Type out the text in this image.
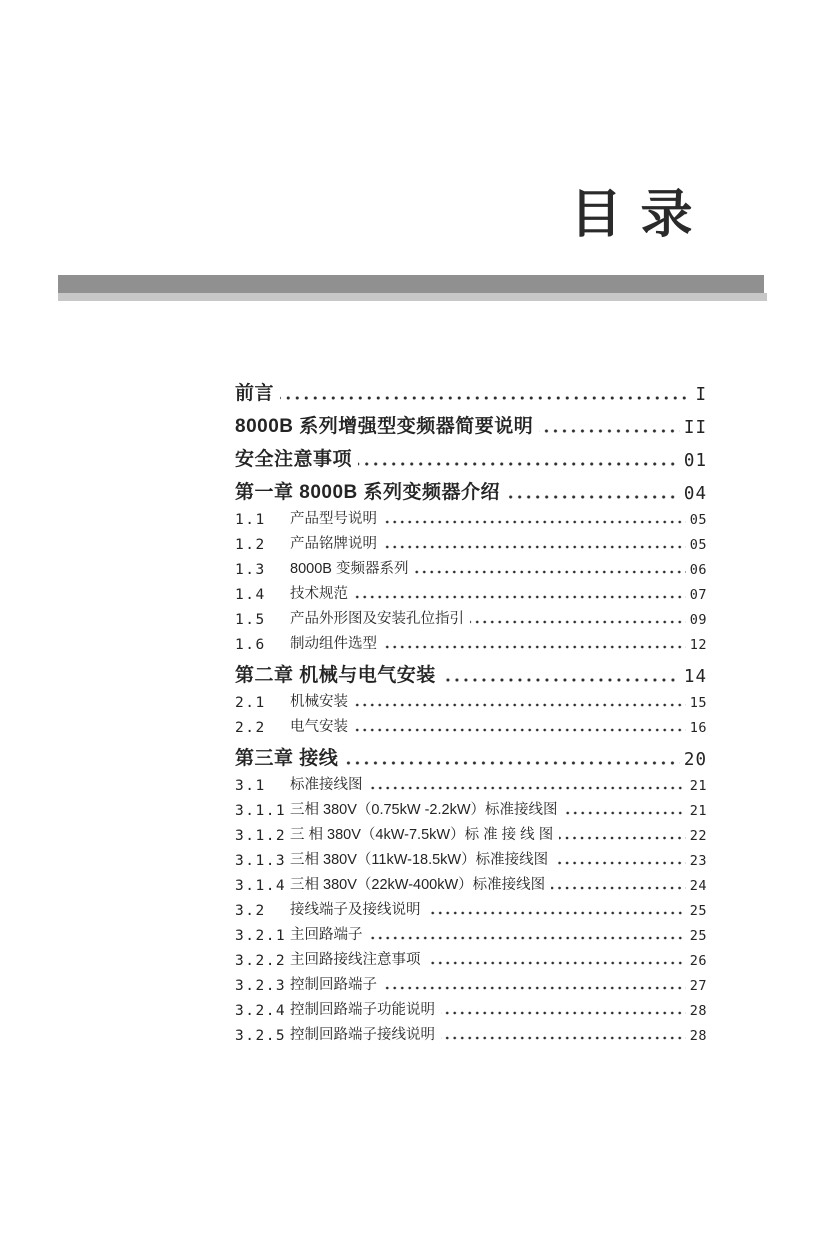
目 录
前言	I
8000B 系列增强型变频器简要说明	II
安全注意事项	01
第一章 8000B 系列变频器介绍	04
1.1	产品型号说明	05
1.2	产品铭牌说明	05
1.3	8000B 变频器系列	06
1.4	技术规范	07
1.5	产品外形图及安装孔位指引	09
1.6	制动组件选型	12
第二章 机械与电气安装	14
2.1	机械安装	15
2.2	电气安装	16
第三章 接线	20
3.1	标准接线图	21
3.1.1 三相 380V（0.75kW -2.2kW）标准接线图	21
3.1.2 三 相 380V（4kW-7.5kW）标 准 接 线 图	22
3.1.3 三相 380V（11kW-18.5kW）标准接线图	23
3.1.4 三相 380V（22kW-400kW）标准接线图	24
3.2	接线端子及接线说明	25
3.2.1 主回路端子	25
3.2.2 主回路接线注意事项	26
3.2.3 控制回路端子	27
3.2.4 控制回路端子功能说明	28
3.2.5 控制回路端子接线说明	28
